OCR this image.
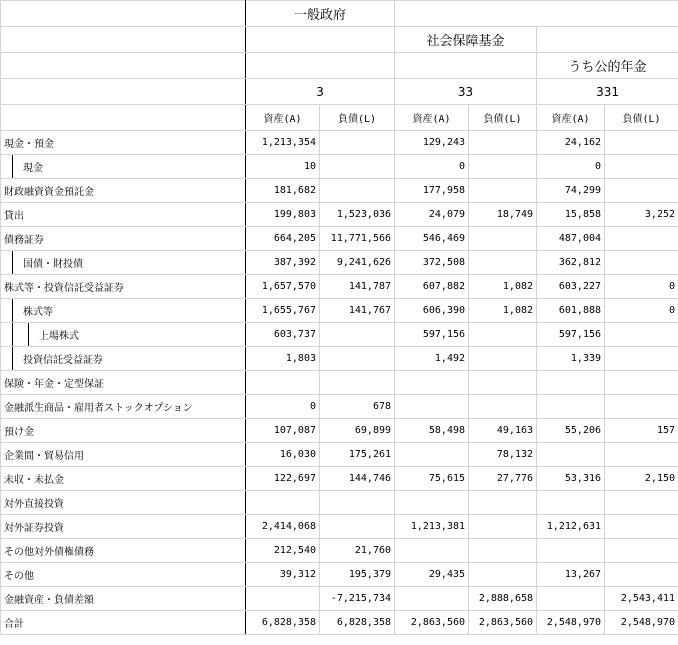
	一般政府					
			社会保障基金			
					うち公的年金	
	3		33		331	
	資産(A)	負債(L)	資産(A)	負債(L)	資産(A)	負債(L)
現金・預金	1,213,354		129,243		24,162	
現金	10		0		0	
財政融資資金預託金	181,682		177,958		74,299	
貸出	199,803	1,523,036	24,079	18,749	15,858	3,252
債務証券	664,205	11,771,566	546,469		487,004	
国債・財投債	387,392	9,241,626	372,508		362,812	
株式等・投資信託受益証券	1,657,570	141,787	607,882	1,082	603,227	0
株式等	1,655,767	141,767	606,390	1,082	601,888	0
上場株式	603,737		597,156		597,156	
投資信託受益証券	1,803		1,492		1,339	
保険・年金・定型保証						
金融派生商品・雇用者ストックオプション	0	678				
預け金	107,087	69,899	58,498	49,163	55,206	157
企業間・貿易信用	16,030	175,261		78,132		
未収・未払金	122,697	144,746	75,615	27,776	53,316	2,150
対外直接投資						
対外証券投資	2,414,068		1,213,381		1,212,631	
その他対外債権債務	212,540	21,760				
その他	39,312	195,379	29,435		13,267	
金融資産・負債差額		-7,215,734		2,888,658		2,543,411
合計	6,828,358	6,828,358	2,863,560	2,863,560	2,548,970	2,548,970
